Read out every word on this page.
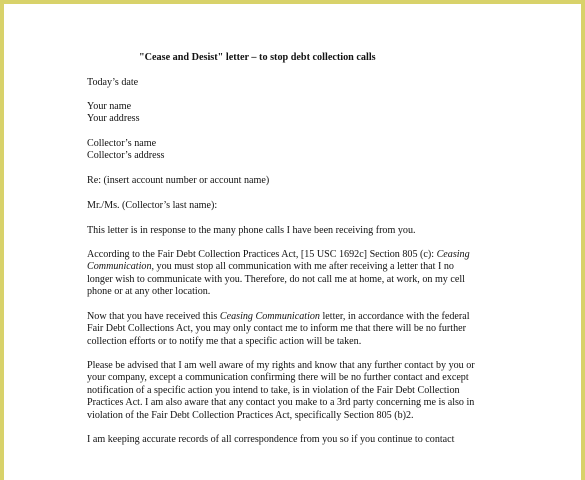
"Cease and Desist" letter – to stop debt collection calls
Today’s date
Your name
Your address
Collector’s name
Collector’s address
Re: (insert account number or account name)
Mr./Ms. (Collector’s last name):
This letter is in response to the many phone calls I have been receiving from you.
According to the Fair Debt Collection Practices Act, [15 USC 1692c] Section 805 (c): Ceasing
Communication, you must stop all communication with me after receiving a letter that I no
longer wish to communicate with you. Therefore, do not call me at home, at work, on my cell
phone or at any other location.
Now that you have received this Ceasing Communication letter, in accordance with the federal
Fair Debt Collections Act, you may only contact me to inform me that there will be no further
collection efforts or to notify me that a specific action will be taken.
Please be advised that I am well aware of my rights and know that any further contact by you or
your company, except a communication confirming there will be no further contact and except
notification of a specific action you intend to take, is in violation of the Fair Debt Collection
Practices Act. I am also aware that any contact you make to a 3rd party concerning me is also in
violation of the Fair Debt Collection Practices Act, specifically Section 805 (b)2.
I am keeping accurate records of all correspondence from you so if you continue to contact
